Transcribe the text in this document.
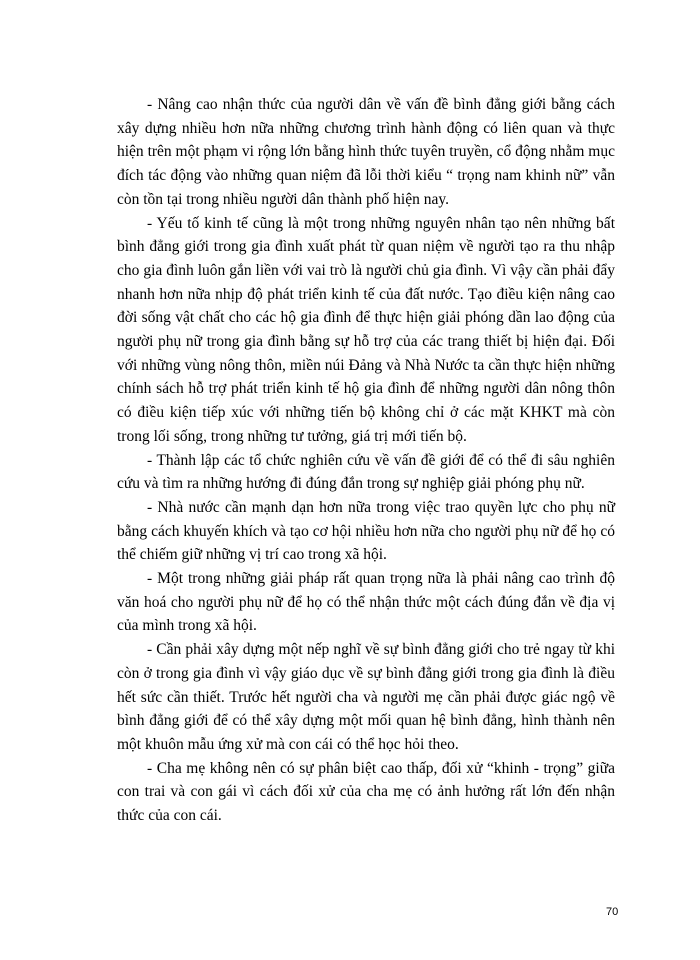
- Nâng cao nhận thức của người dân về vấn đề bình đẳng giới bằng cách xây dựng nhiều hơn nữa những chương trình hành động có liên quan và thực hiện trên một phạm vi rộng lớn bằng hình thức tuyên truyền, cổ động nhằm mục đích tác động vào những quan niệm đã lỗi thời kiểu “ trọng nam khinh nữ” vẫn còn tồn tại trong nhiều người dân thành phố hiện nay.

- Yếu tố kinh tế cũng là một trong những nguyên nhân tạo nên những bất bình đẳng giới trong gia đình xuất phát từ quan niệm về người tạo ra thu nhập cho gia đình luôn gắn liền với vai trò là người chủ gia đình. Vì vậy cần phải đẩy nhanh hơn nữa nhịp độ phát triển kinh tế của đất nước. Tạo điều kiện nâng cao đời sống vật chất cho các hộ gia đình để thực hiện giải phóng dần lao động của người phụ nữ trong gia đình bằng sự hỗ trợ của các trang thiết bị hiện đại. Đối với những vùng nông thôn, miền núi Đảng và Nhà Nước ta cần thực hiện những chính sách hỗ trợ phát triển kinh tế hộ gia đình để những người dân nông thôn có điều kiện tiếp xúc với những tiến bộ không chỉ ở các mặt KHKT mà còn trong lối sống, trong những tư tưởng, giá trị mới tiến bộ.

- Thành lập các tổ chức nghiên cứu về vấn đề giới để có thể đi sâu nghiên cứu và tìm ra những hướng đi đúng đắn trong sự nghiệp giải phóng phụ nữ.

- Nhà nước cần mạnh dạn hơn nữa trong việc trao quyền lực cho phụ nữ bằng cách khuyến khích và tạo cơ hội nhiều hơn nữa cho người phụ nữ để họ có thể chiếm giữ những vị trí cao trong xã hội.

- Một trong những giải pháp rất quan trọng nữa là phải nâng cao trình độ văn hoá cho người phụ nữ để họ có thể nhận thức một cách đúng đắn về địa vị của mình trong xã hội.

- Cần phải xây dựng một nếp nghĩ về sự bình đẳng giới cho trẻ ngay từ khi còn ở trong gia đình vì vậy giáo dục về sự bình đẳng giới trong gia đình là điều hết sức cần thiết. Trước hết người cha và người mẹ cần phải được giác ngộ về bình đẳng giới để có thể xây dựng một mối quan hệ bình đẳng, hình thành nên một khuôn mẫu ứng xử mà con cái có thể học hỏi theo.

- Cha mẹ không nên có sự phân biệt cao thấp, đối xử “khinh - trọng” giữa con trai và con gái vì cách đối xử của cha mẹ có ảnh hưởng rất lớn đến nhận thức của con cái.

70
